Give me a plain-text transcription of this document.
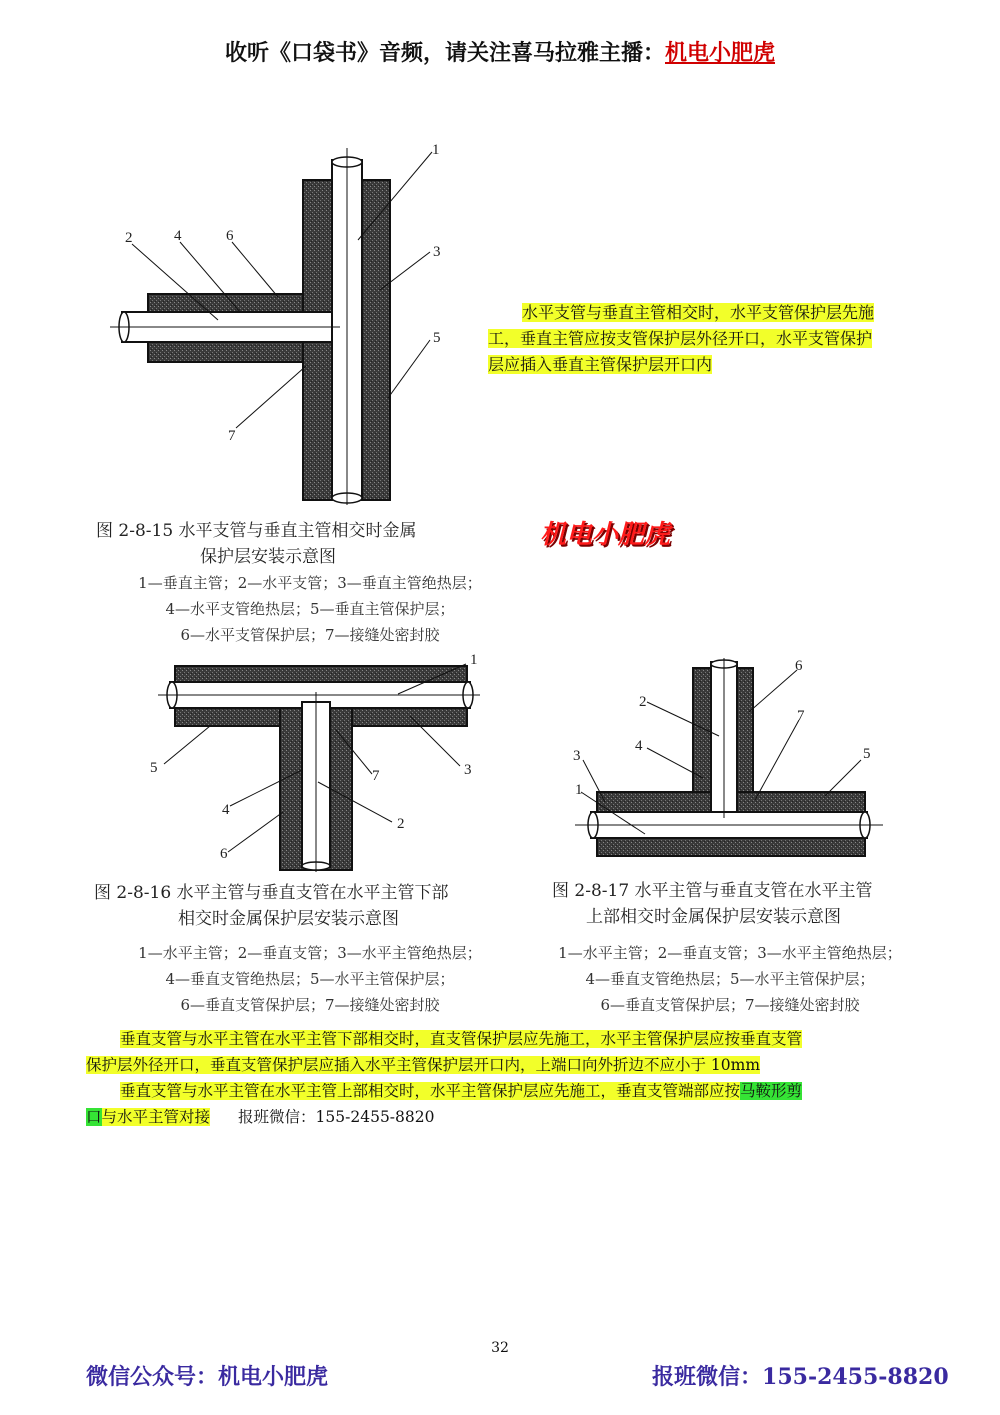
收听《口袋书》音频，请关注喜马拉雅主播：机电小肥虎
1
2
3
4
5
6
7
水平支管与垂直主管相交时，水平支管保护层先施
工，垂直主管应按支管保护层外径开口，水平支管保护
层应插入垂直主管保护层开口内
图 2-8-15 水平支管与垂直主管相交时金属
保护层安装示意图
1—垂直主管；2—水平支管；3—垂直主管绝热层；
4—水平支管绝热层；5—垂直主管保护层；
6—水平支管保护层；7—接缝处密封胶
机电小肥虎
1
2
3
4
5
6
7
1
2
3
4	5
6
7
图 2-8-16 水平主管与垂直支管在水平主管下部
相交时金属保护层安装示意图
1—水平主管；2—垂直支管；3—水平主管绝热层；
4—垂直支管绝热层；5—水平主管保护层；
6—垂直支管保护层；7—接缝处密封胶
图 2-8-17 水平主管与垂直支管在水平主管
上部相交时金属保护层安装示意图
1—水平主管；2—垂直支管；3—水平主管绝热层；
4—垂直支管绝热层；5—水平主管保护层；
6—垂直支管保护层；7—接缝处密封胶
垂直支管与水平主管在水平主管下部相交时，直支管保护层应先施工，水平主管保护层应按垂直支管
保护层外径开口，垂直支管保护层应插入水平主管保护层开口内，上端口向外折边不应小于 10mm
垂直支管与水平主管在水平主管上部相交时，水平主管保护层应先施工，垂直支管端部应按马鞍形剪
口与水平主管对接 报班微信：155-2455-8820
32
微信公众号：机电小肥虎	报班微信：155-2455-8820
